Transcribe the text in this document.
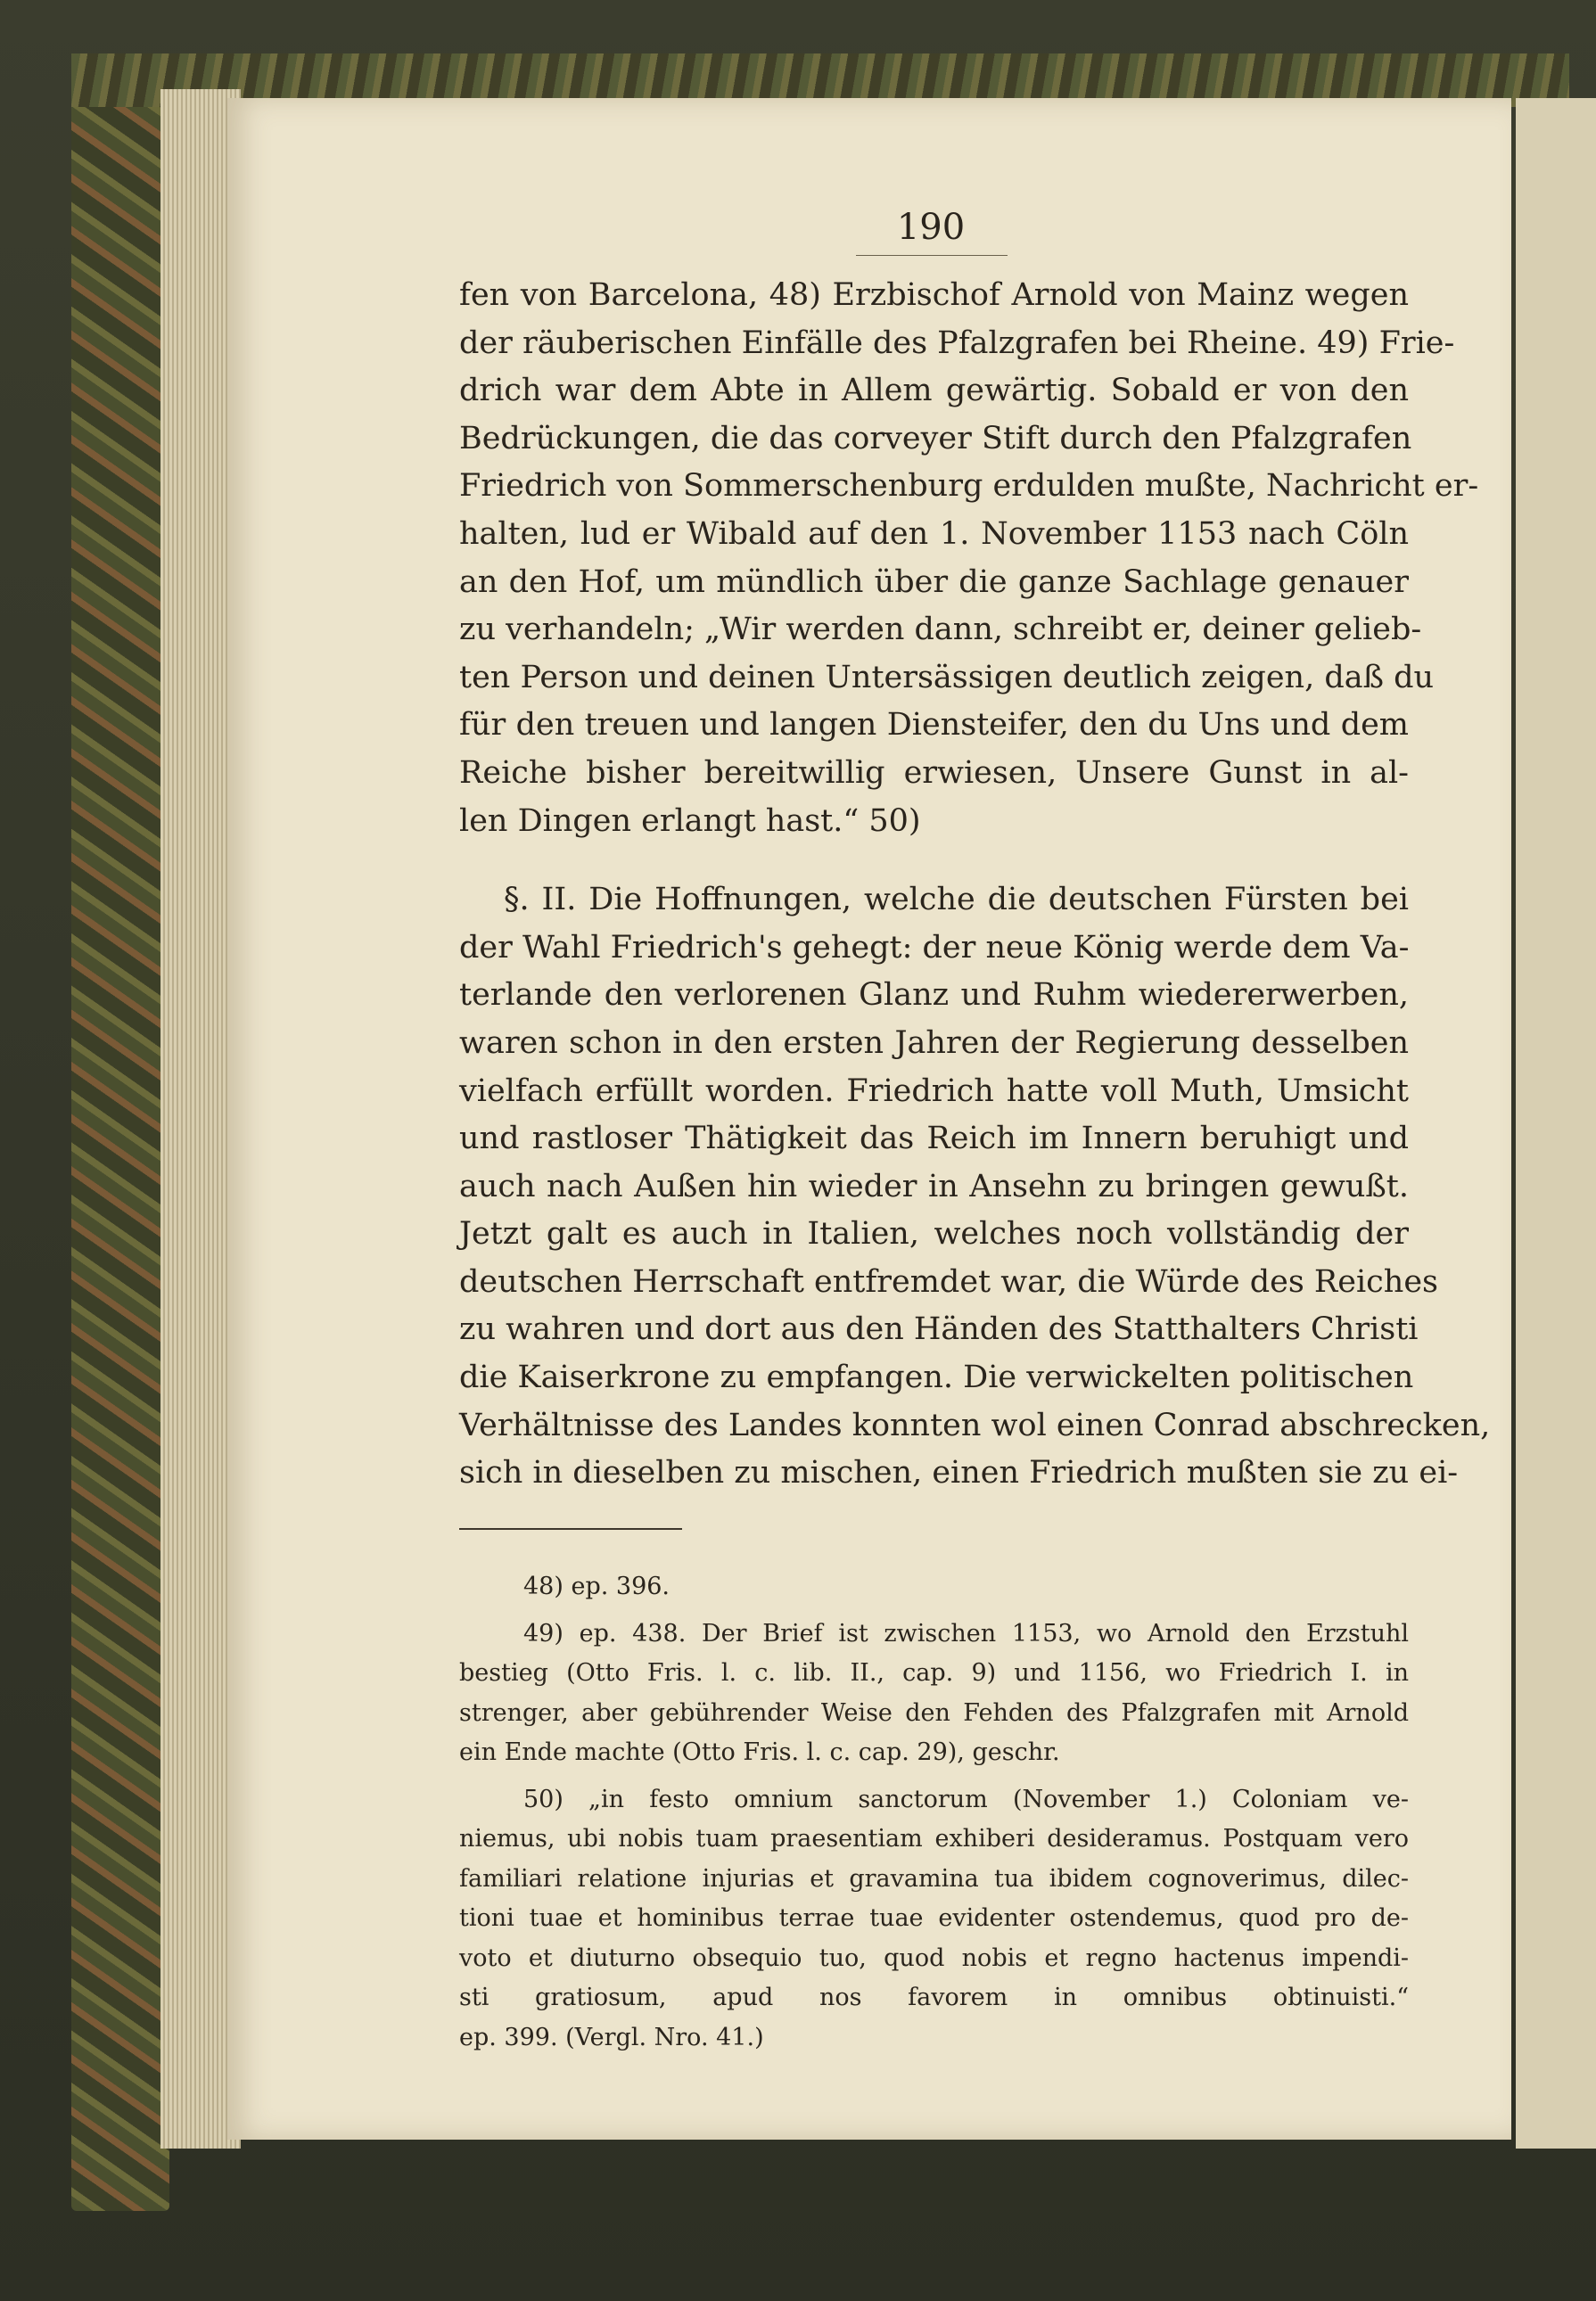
190
fen von Barcelona, 48) Erzbischof Arnold von Mainz wegen
der räuberischen Einfälle des Pfalzgrafen bei Rheine. 49) Frie-
drich war dem Abte in Allem gewärtig. Sobald er von den
Bedrückungen, die das corveyer Stift durch den Pfalzgrafen
Friedrich von Sommerschenburg erdulden mußte, Nachricht er-
halten, lud er Wibald auf den 1. November 1153 nach Cöln
an den Hof, um mündlich über die ganze Sachlage genauer
zu verhandeln; „Wir werden dann, schreibt er, deiner gelieb-
ten Person und deinen Untersässigen deutlich zeigen, daß du
für den treuen und langen Diensteifer, den du Uns und dem
Reiche bisher bereitwillig erwiesen, Unsere Gunst in al-
len Dingen erlangt hast.“ 50)
§. II. Die Hoffnungen, welche die deutschen Fürsten bei
der Wahl Friedrich's gehegt: der neue König werde dem Va-
terlande den verlorenen Glanz und Ruhm wiedererwerben,
waren schon in den ersten Jahren der Regierung desselben
vielfach erfüllt worden. Friedrich hatte voll Muth, Umsicht
und rastloser Thätigkeit das Reich im Innern beruhigt und
auch nach Außen hin wieder in Ansehn zu bringen gewußt.
Jetzt galt es auch in Italien, welches noch vollständig der
deutschen Herrschaft entfremdet war, die Würde des Reiches
zu wahren und dort aus den Händen des Statthalters Christi
die Kaiserkrone zu empfangen. Die verwickelten politischen
Verhältnisse des Landes konnten wol einen Conrad abschrecken,
sich in dieselben zu mischen, einen Friedrich mußten sie zu ei-
48) ep. 396.
49) ep. 438. Der Brief ist zwischen 1153, wo Arnold den Erzstuhl
bestieg (Otto Fris. l. c. lib. II., cap. 9) und 1156, wo Friedrich I. in
strenger, aber gebührender Weise den Fehden des Pfalzgrafen mit Arnold
ein Ende machte (Otto Fris. l. c. cap. 29), geschr.
50) „in festo omnium sanctorum (November 1.) Coloniam ve-
niemus, ubi nobis tuam praesentiam exhiberi desideramus. Postquam vero
familiari relatione injurias et gravamina tua ibidem cognoverimus, dilec-
tioni tuae et hominibus terrae tuae evidenter ostendemus, quod pro de-
voto et diuturno obsequio tuo, quod nobis et regno hactenus impendi-
sti gratiosum, apud nos favorem in omnibus obtinuisti.“
ep. 399. (Vergl. Nro. 41.)
